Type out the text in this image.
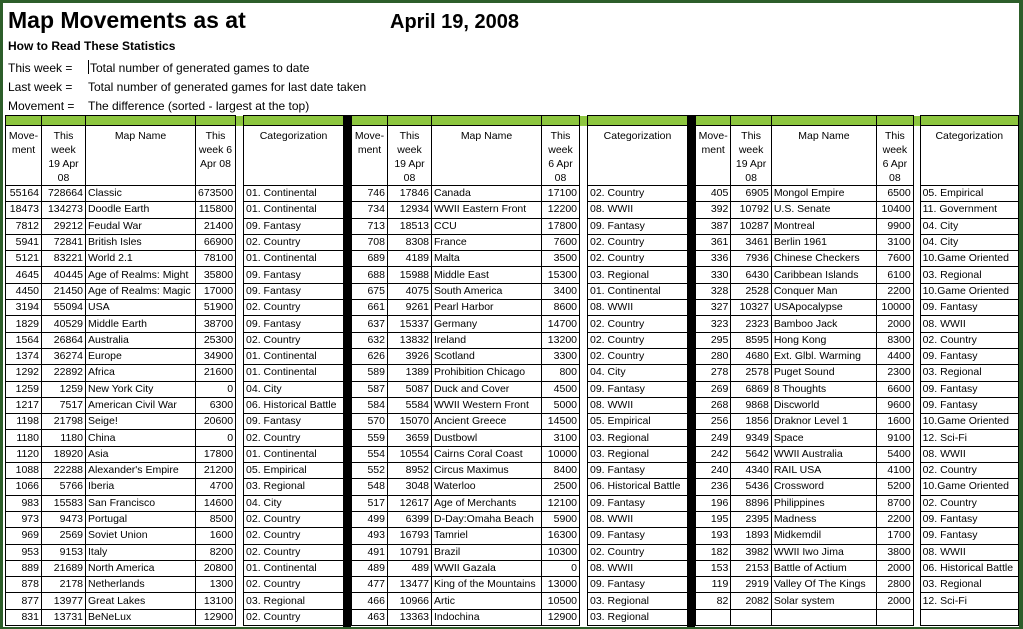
Map Movements as at	April 19, 2008
How to Read These Statistics
This week = Total number of generated games to date
Last week = Total number of generated games for last date taken
Movement = The difference (sorted - largest at the top)

Move-ment	This week 19 Apr 08	Map Name	This week 6 Apr 08		Categorization
55164	728664	Classic	673500		01. Continental
18473	134273	Doodle Earth	115800		01. Continental
7812	29212	Feudal War	21400		09. Fantasy
5941	72841	British Isles	66900		02. Country
5121	83221	World 2.1	78100		01. Continental
4645	40445	Age of Realms: Might	35800		09. Fantasy
4450	21450	Age of Realms: Magic	17000		09. Fantasy
3194	55094	USA	51900		02. Country
1829	40529	Middle Earth	38700		09. Fantasy
1564	26864	Australia	25300		02. Country
1374	36274	Europe	34900		01. Continental
1292	22892	Africa	21600		01. Continental
1259	1259	New York City	0		04. City
1217	7517	American Civil War	6300		06. Historical Battle
1198	21798	Seige!	20600		09. Fantasy
1180	1180	China	0		02. Country
1120	18920	Asia	17800		01. Continental
1088	22288	Alexander's Empire	21200		05. Empirical
1066	5766	Iberia	4700		03. Regional
983	15583	San Francisco	14600		04. City
973	9473	Portugal	8500		02. Country
969	2569	Soviet Union	1600		02. Country
953	9153	Italy	8200		02. Country
889	21689	North America	20800		01. Continental
878	2178	Netherlands	1300		02. Country
877	13977	Great Lakes	13100		03. Regional
831	13731	BeNeLux	12900		02. Country

Move-ment	This week 19 Apr 08	Map Name	This week 6 Apr 08		Categorization
746	17846	Canada	17100		02. Country
734	12934	WWII Eastern Front	12200		08. WWII
713	18513	CCU	17800		09. Fantasy
708	8308	France	7600		02. Country
689	4189	Malta	3500		02. Country
688	15988	Middle East	15300		03. Regional
675	4075	South America	3400		01. Continental
661	9261	Pearl Harbor	8600		08. WWII
637	15337	Germany	14700		02. Country
632	13832	Ireland	13200		02. Country
626	3926	Scotland	3300		02. Country
589	1389	Prohibition Chicago	800		04. City
587	5087	Duck and Cover	4500		09. Fantasy
584	5584	WWII Western Front	5000		08. WWII
570	15070	Ancient Greece	14500		05. Empirical
559	3659	Dustbowl	3100		03. Regional
554	10554	Cairns Coral Coast	10000		03. Regional
552	8952	Circus Maximus	8400		09. Fantasy
548	3048	Waterloo	2500		06. Historical Battle
517	12617	Age of Merchants	12100		09. Fantasy
499	6399	D-Day:Omaha Beach	5900		08. WWII
493	16793	Tamriel	16300		09. Fantasy
491	10791	Brazil	10300		02. Country
489	489	WWII Gazala	0		08. WWII
477	13477	King of the Mountains	13000		09. Fantasy
466	10966	Artic	10500		03. Regional
463	13363	Indochina	12900		03. Regional

Move-ment	This week 19 Apr 08	Map Name	This week 6 Apr 08		Categorization
405	6905	Mongol Empire	6500		05. Empirical
392	10792	U.S. Senate	10400		11. Government
387	10287	Montreal	9900		04. City
361	3461	Berlin 1961	3100		04. City
336	7936	Chinese Checkers	7600		10.Game Oriented
330	6430	Caribbean Islands	6100		03. Regional
328	2528	Conquer Man	2200		10.Game Oriented
327	10327	USApocalypse	10000		09. Fantasy
323	2323	Bamboo Jack	2000		08. WWII
295	8595	Hong Kong	8300		02. Country
280	4680	Ext. Glbl. Warming	4400		09. Fantasy
278	2578	Puget Sound	2300		03. Regional
269	6869	8 Thoughts	6600		09. Fantasy
268	9868	Discworld	9600		09. Fantasy
256	1856	Draknor Level 1	1600		10.Game Oriented
249	9349	Space	9100		12. Sci-Fi
242	5642	WWII Australia	5400		08. WWII
240	4340	RAIL USA	4100		02. Country
236	5436	Crossword	5200		10.Game Oriented
196	8896	Philippines	8700		02. Country
195	2395	Madness	2200		09. Fantasy
193	1893	Midkemdil	1700		09. Fantasy
182	3982	WWII Iwo Jima	3800		08. WWII
153	2153	Battle of Actium	2000		06. Historical Battle
119	2919	Valley Of The Kings	2800		03. Regional
82	2082	Solar system	2000		12. Sci-Fi
